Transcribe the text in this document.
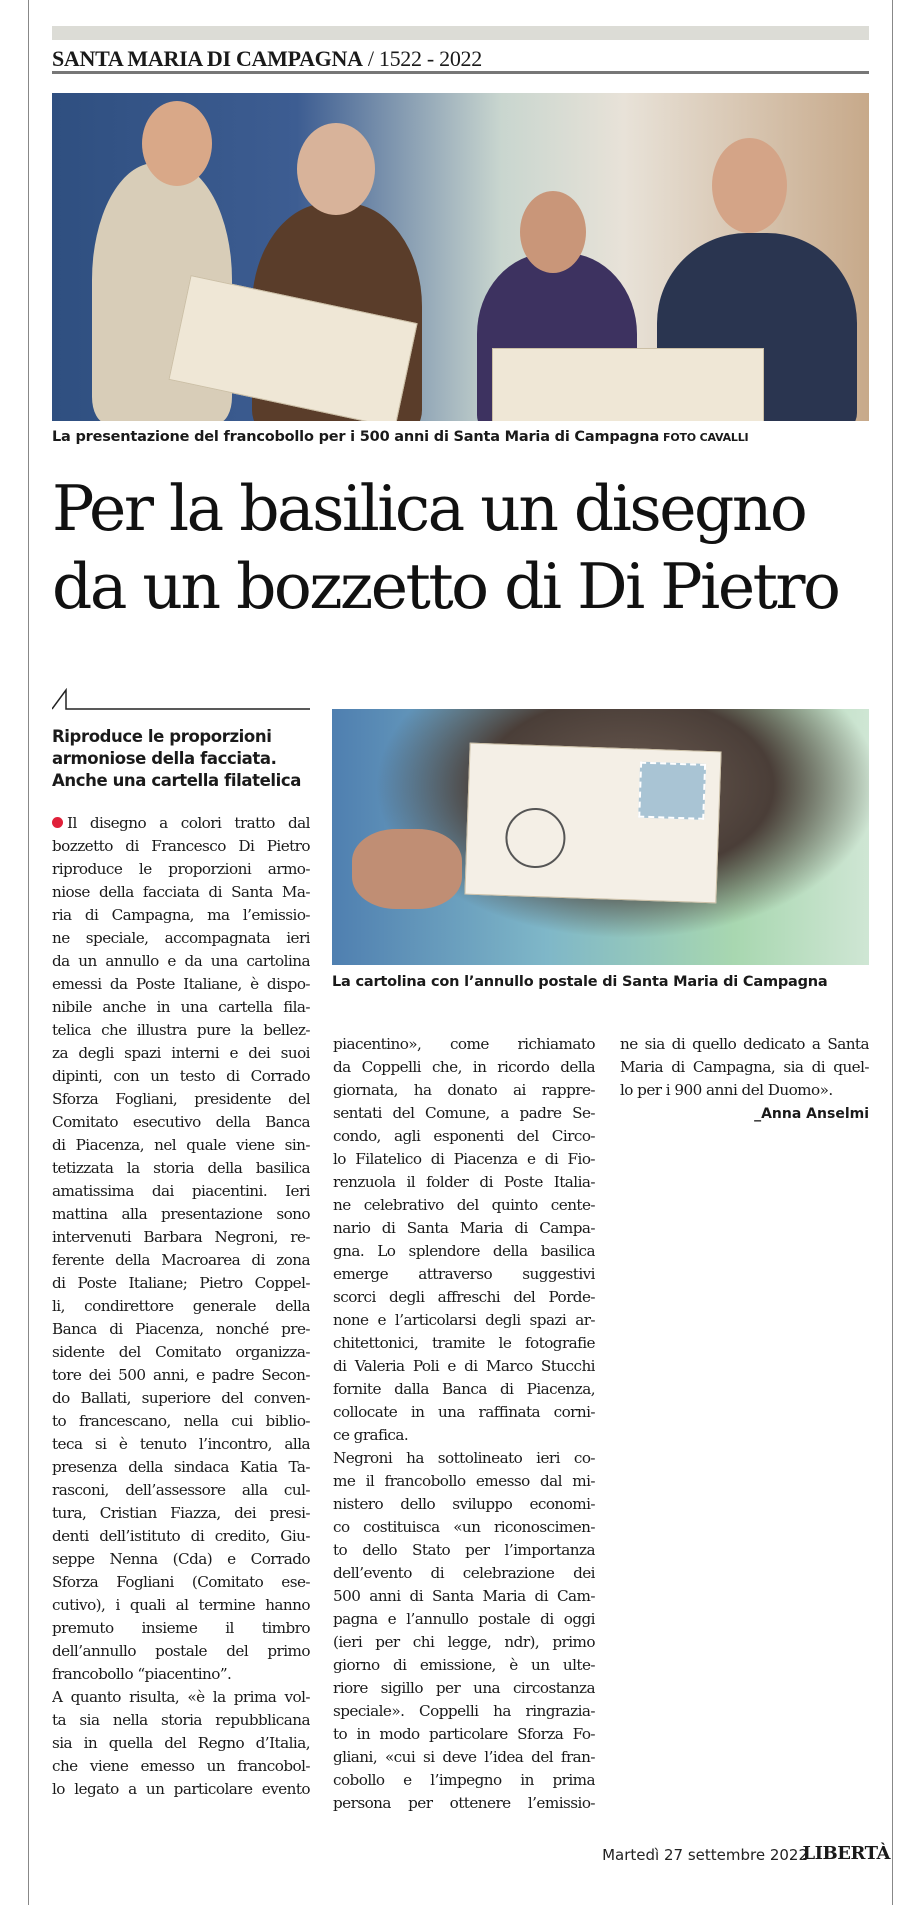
SANTA MARIA DI CAMPAGNA / 1522 - 2022
La presentazione del francobollo per i 500 anni di Santa Maria di Campagna FOTO CAVALLI
Per la basilica un disegno
da un bozzetto di Di Pietro
Riproduce le proporzioni
armoniose della facciata.
Anche una cartella filatelica
La cartolina con l’annullo postale di Santa Maria di Campagna
Il disegno a colori tratto dal
bozzetto di Francesco Di Pietro
riproduce le proporzioni armo-
niose della facciata di Santa Ma-
ria di Campagna, ma l’emissio-
ne speciale, accompagnata ieri
da un annullo e da una cartolina
emessi da Poste Italiane, è dispo-
nibile anche in una cartella fila-
telica che illustra pure la bellez-
za degli spazi interni e dei suoi
dipinti, con un testo di Corrado
Sforza Fogliani, presidente del
Comitato esecutivo della Banca
di Piacenza, nel quale viene sin-
tetizzata la storia della basilica
amatissima dai piacentini. Ieri
mattina alla presentazione sono
intervenuti Barbara Negroni, re-
ferente della Macroarea di zona
di Poste Italiane; Pietro Coppel-
li, condirettore generale della
Banca di Piacenza, nonché pre-
sidente del Comitato organizza-
tore dei 500 anni, e padre Secon-
do Ballati, superiore del conven-
to francescano, nella cui biblio-
teca si è tenuto l’incontro, alla
presenza della sindaca Katia Ta-
rasconi, dell’assessore alla cul-
tura, Cristian Fiazza, dei presi-
denti dell’istituto di credito, Giu-
seppe Nenna (Cda) e Corrado
Sforza Fogliani (Comitato ese-
cutivo), i quali al termine hanno
premuto insieme il timbro
dell’annullo postale del primo
francobollo “piacentino”.
A quanto risulta, «è la prima vol-
ta sia nella storia repubblicana
sia in quella del Regno d’Italia,
che viene emesso un francobol-
lo legato a un particolare evento
piacentino», come richiamato
da Coppelli che, in ricordo della
giornata, ha donato ai rappre-
sentati del Comune, a padre Se-
condo, agli esponenti del Circo-
lo Filatelico di Piacenza e di Fio-
renzuola il folder di Poste Italia-
ne celebrativo del quinto cente-
nario di Santa Maria di Campa-
gna. Lo splendore della basilica
emerge attraverso suggestivi
scorci degli affreschi del Porde-
none e l’articolarsi degli spazi ar-
chitettonici, tramite le fotografie
di Valeria Poli e di Marco Stucchi
fornite dalla Banca di Piacenza,
collocate in una raffinata corni-
ce grafica.
Negroni ha sottolineato ieri co-
me il francobollo emesso dal mi-
nistero dello sviluppo economi-
co costituisca «un riconoscimen-
to dello Stato per l’importanza
dell’evento di celebrazione dei
500 anni di Santa Maria di Cam-
pagna e l’annullo postale di oggi
(ieri per chi legge, ndr), primo
giorno di emissione, è un ulte-
riore sigillo per una circostanza
speciale». Coppelli ha ringrazia-
to in modo particolare Sforza Fo-
gliani, «cui si deve l’idea del fran-
cobollo e l’impegno in prima
persona per ottenere l’emissio-
ne sia di quello dedicato a Santa
Maria di Campagna, sia di quel-
lo per i 900 anni del Duomo».
_Anna Anselmi
Martedì 27 settembre 2022
LIBERTÀ
